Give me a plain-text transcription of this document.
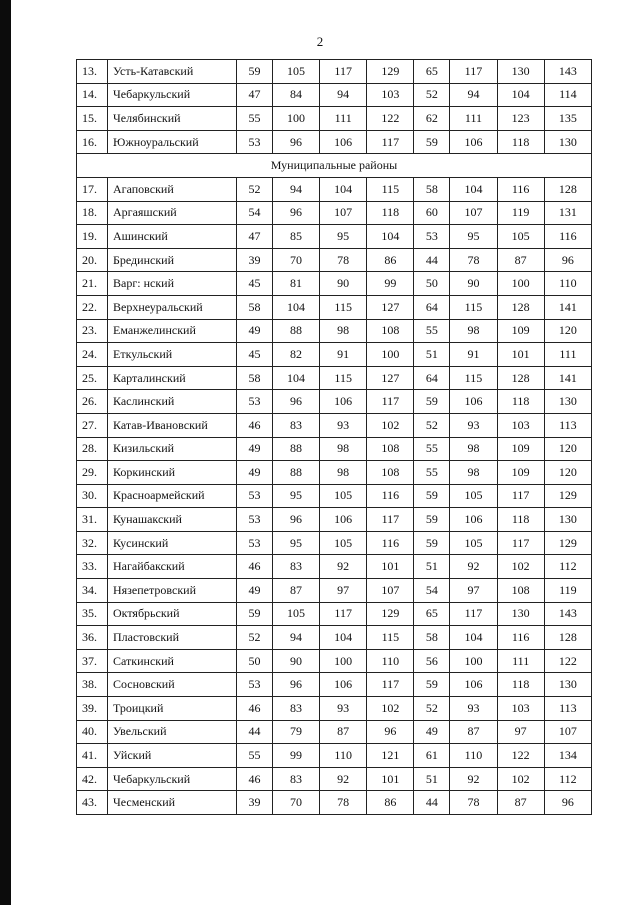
2
13.	Усть-Катавский	59	105	117	129	65	117	130	143
14.	Чебаркульский	47	84	94	103	52	94	104	114
15.	Челябинский	55	100	111	122	62	111	123	135
16.	Южноуральский	53	96	106	117	59	106	118	130
Муниципальные районы									
17.	Агаповский	52	94	104	115	58	104	116	128
18.	Аргаяшский	54	96	107	118	60	107	119	131
19.	Ашинский	47	85	95	104	53	95	105	116
20.	Брединский	39	70	78	86	44	78	87	96
21.	Варг: нский	45	81	90	99	50	90	100	110
22.	Верхнеуральский	58	104	115	127	64	115	128	141
23.	Еманжелинский	49	88	98	108	55	98	109	120
24.	Еткульский	45	82	91	100	51	91	101	111
25.	Карталинский	58	104	115	127	64	115	128	141
26.	Каслинский	53	96	106	117	59	106	118	130
27.	Катав-Ивановский	46	83	93	102	52	93	103	113
28.	Кизильский	49	88	98	108	55	98	109	120
29.	Коркинский	49	88	98	108	55	98	109	120
30.	Красноармейский	53	95	105	116	59	105	117	129
31.	Кунашакский	53	96	106	117	59	106	118	130
32.	Кусинский	53	95	105	116	59	105	117	129
33.	Нагайбакский	46	83	92	101	51	92	102	112
34.	Нязепетровский	49	87	97	107	54	97	108	119
35.	Октябрьский	59	105	117	129	65	117	130	143
36.	Пластовский	52	94	104	115	58	104	116	128
37.	Саткинский	50	90	100	110	56	100	111	122
38.	Сосновский	53	96	106	117	59	106	118	130
39.	Троицкий	46	83	93	102	52	93	103	113
40.	Увельский	44	79	87	96	49	87	97	107
41.	Уйский	55	99	110	121	61	110	122	134
42.	Чебаркульский	46	83	92	101	51	92	102	112
43.	Чесменский	39	70	78	86	44	78	87	96
